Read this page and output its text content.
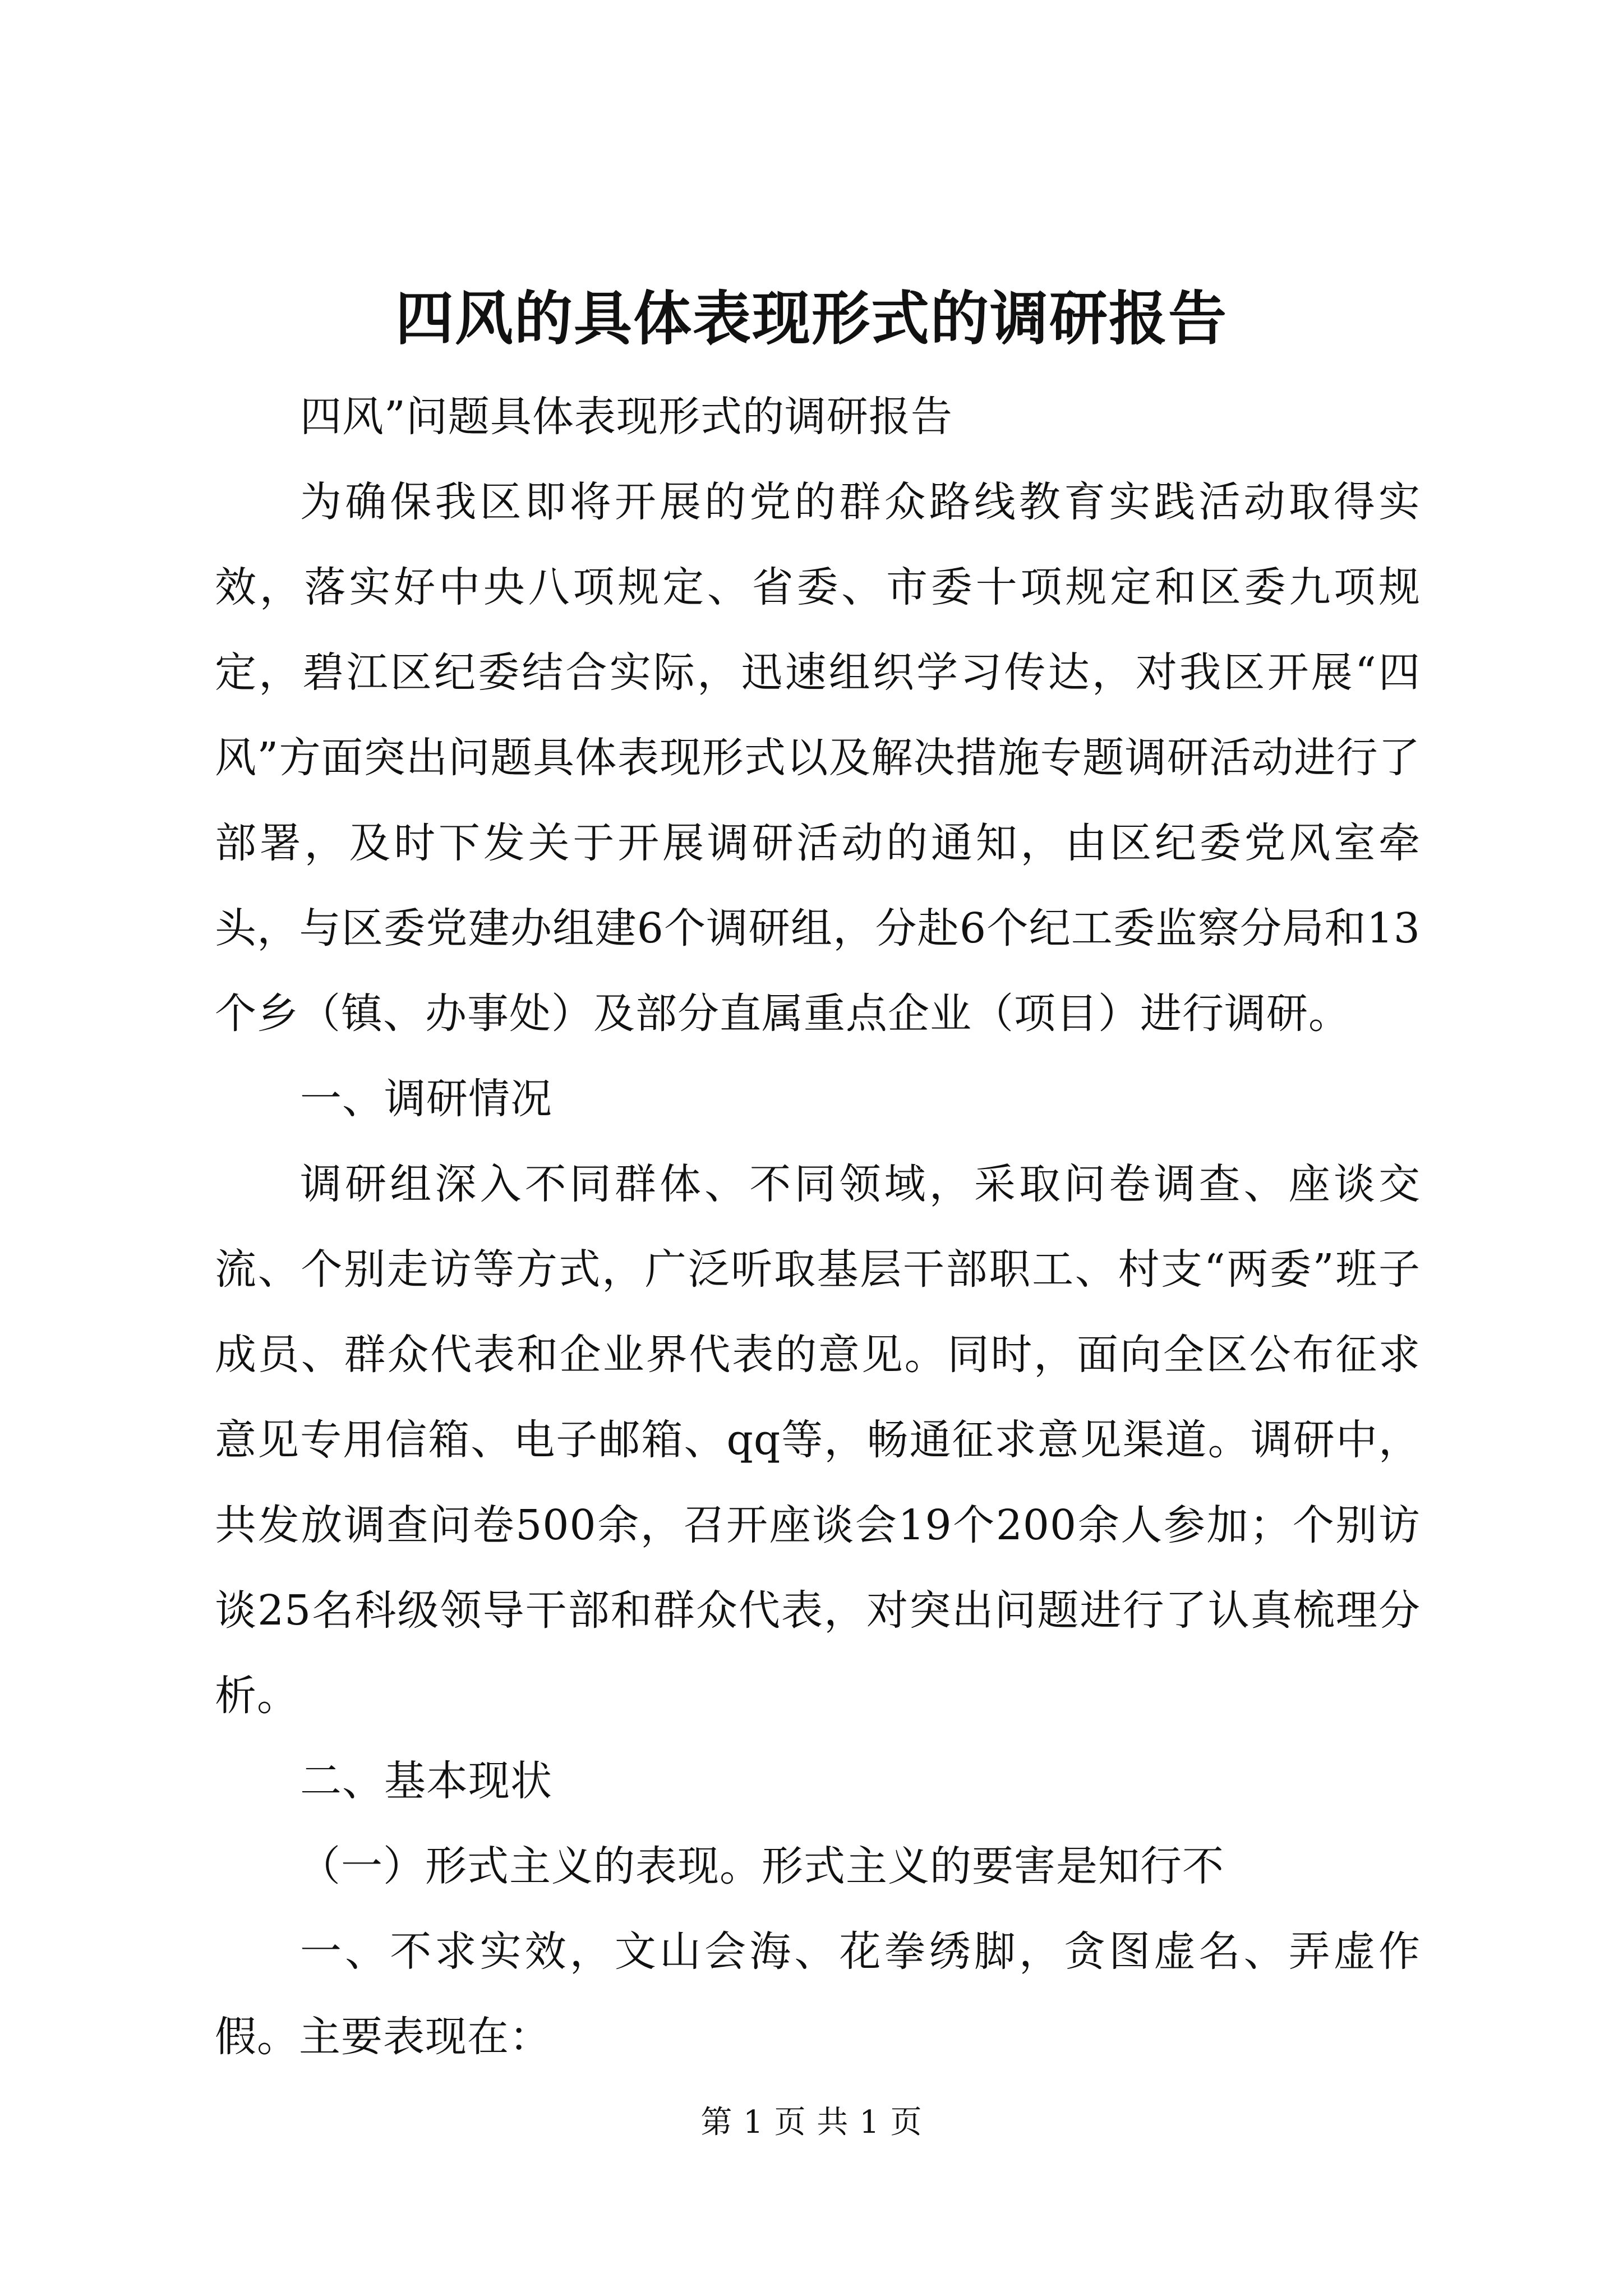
四风的具体表现形式的调研报告

四风”问题具体表现形式的调研报告

为确保我区即将开展的党的群众路线教育实践活动取得实效，落实好中央八项规定、省委、市委十项规定和区委九项规定，碧江区纪委结合实际，迅速组织学习传达，对我区开展“四风”方面突出问题具体表现形式以及解决措施专题调研活动进行了部署，及时下发关于开展调研活动的通知，由区纪委党风室牵头，与区委党建办组建6个调研组，分赴6个纪工委监察分局和13个乡（镇、办事处）及部分直属重点企业（项目）进行调研。

一、调研情况

调研组深入不同群体、不同领域，采取问卷调查、座谈交流、个别走访等方式，广泛听取基层干部职工、村支“两委”班子成员、群众代表和企业界代表的意见。同时，面向全区公布征求意见专用信箱、电子邮箱、qq等，畅通征求意见渠道。调研中，共发放调查问卷500余，召开座谈会19个200余人参加；个别访谈25名科级领导干部和群众代表，对突出问题进行了认真梳理分析。

二、基本现状

（一）形式主义的表现。形式主义的要害是知行不

一、不求实效，文山会海、花拳绣脚，贪图虚名、弄虚作假。主要表现在：

第 1 页 共 1 页
